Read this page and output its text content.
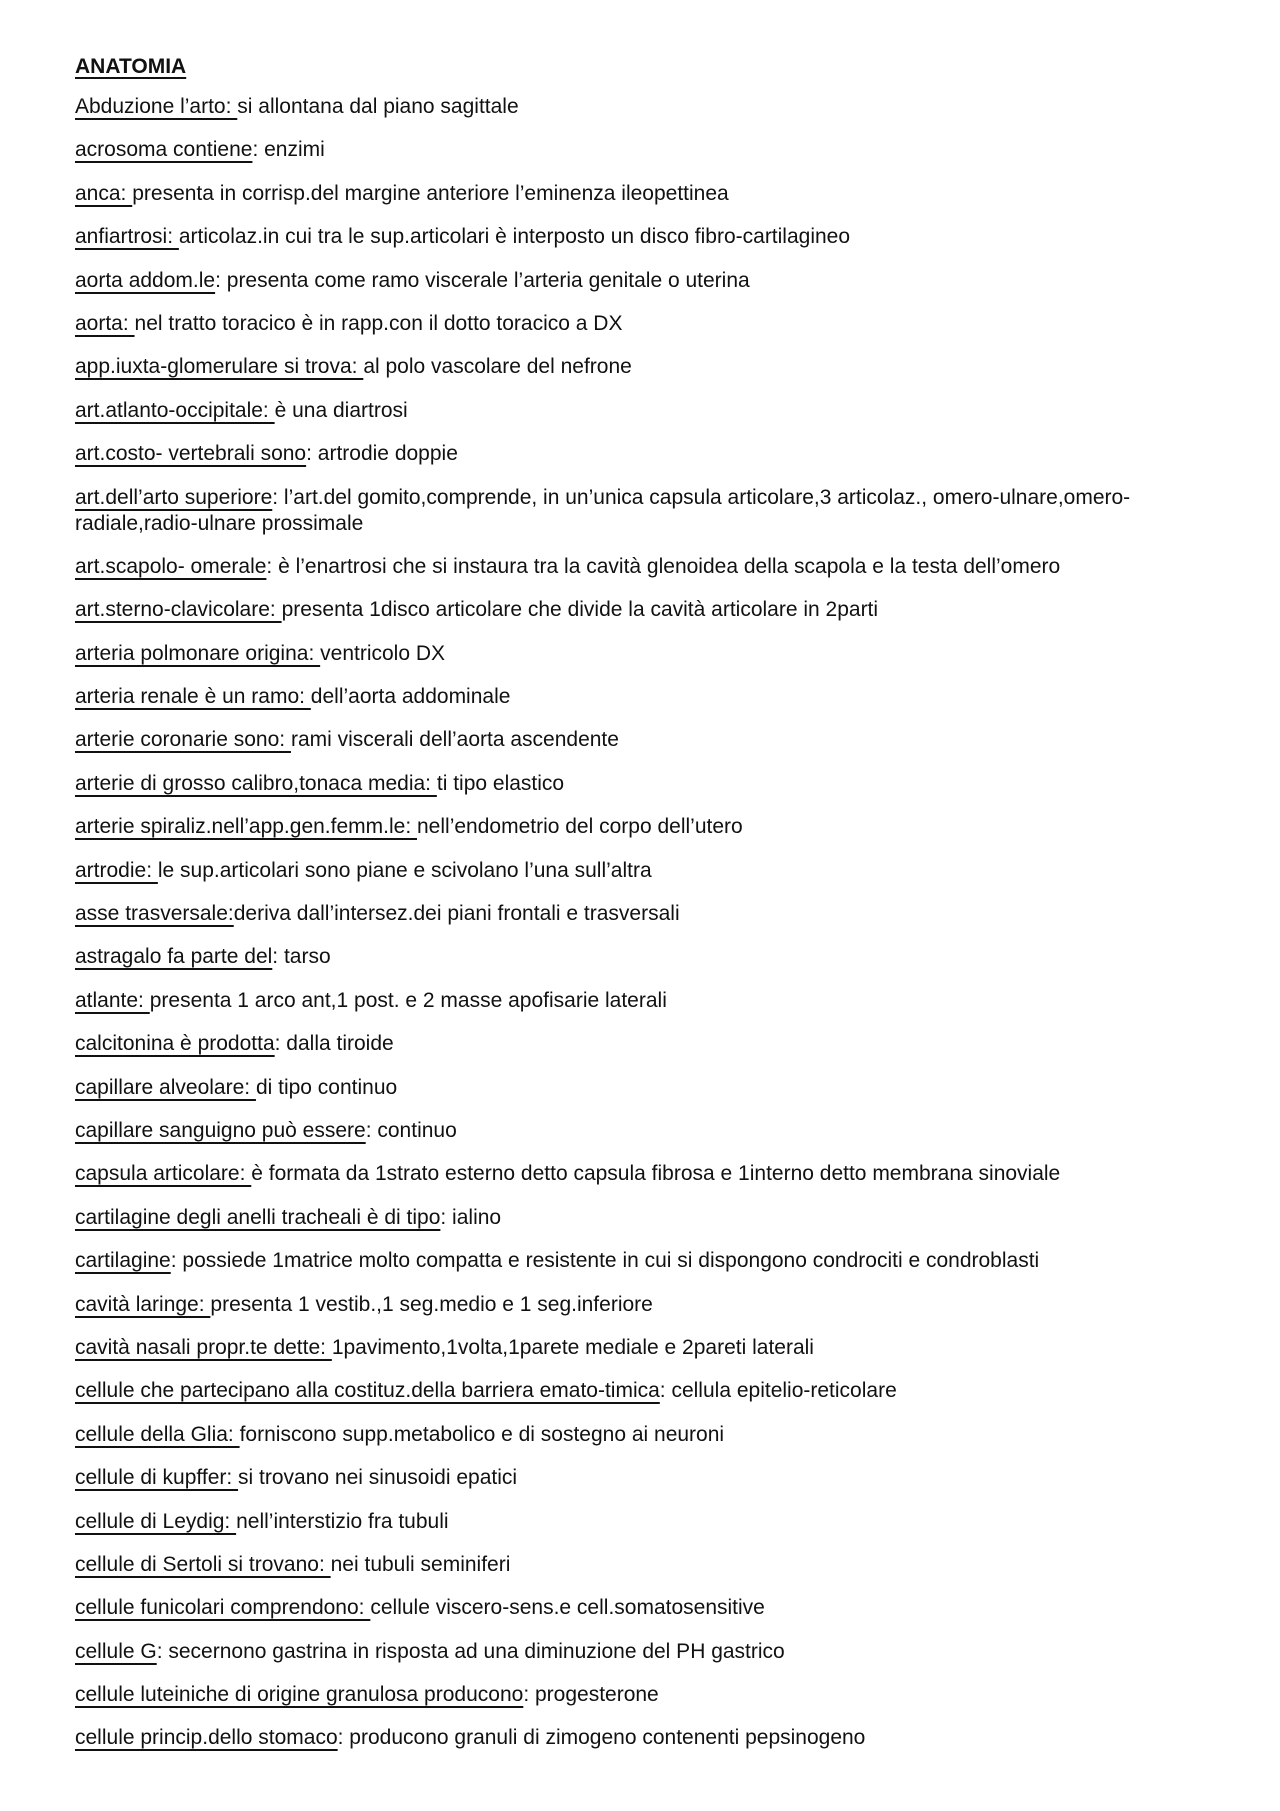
ANATOMIA
Abduzione l’arto: si allontana dal piano sagittale
acrosoma contiene: enzimi
anca: presenta in corrisp.del margine anteriore l’eminenza ileopettinea
anfiartrosi: articolaz.in cui tra le sup.articolari è interposto un disco fibro-cartilagineo
aorta addom.le: presenta come ramo viscerale l’arteria genitale o uterina
aorta: nel tratto toracico è in rapp.con il dotto toracico a DX
app.iuxta-glomerulare si trova: al polo vascolare del nefrone
art.atlanto-occipitale: è una diartrosi
art.costo- vertebrali sono: artrodie doppie
art.dell’arto superiore: l’art.del gomito,comprende, in un’unica capsula articolare,3 articolaz., omero-ulnare,omero-radiale,radio-ulnare prossimale
art.scapolo- omerale: è l’enartrosi che si instaura tra la cavità glenoidea della scapola e la testa dell’omero
art.sterno-clavicolare: presenta 1disco articolare che divide la cavità articolare in 2parti
arteria polmonare origina: ventricolo DX
arteria renale è un ramo: dell’aorta addominale
arterie coronarie sono: rami viscerali dell’aorta ascendente
arterie di grosso calibro,tonaca media: ti tipo elastico
arterie spiraliz.nell’app.gen.femm.le: nell’endometrio del corpo dell’utero
artrodie: le sup.articolari sono piane e scivolano l’una sull’altra
asse trasversale:deriva dall’intersez.dei piani frontali e trasversali
astragalo fa parte del: tarso
atlante: presenta 1 arco ant,1 post. e 2 masse apofisarie laterali
calcitonina è prodotta: dalla tiroide
capillare alveolare: di tipo continuo
capillare sanguigno può essere: continuo
capsula articolare: è formata da 1strato esterno detto capsula fibrosa e 1interno detto membrana sinoviale
cartilagine degli anelli tracheali è di tipo: ialino
cartilagine: possiede 1matrice molto compatta e resistente in cui si dispongono condrociti e condroblasti
cavità laringe: presenta 1 vestib.,1 seg.medio e 1 seg.inferiore
cavità nasali propr.te dette: 1pavimento,1volta,1parete mediale e 2pareti laterali
cellule che partecipano alla costituz.della barriera emato-timica: cellula epitelio-reticolare
cellule della Glia: forniscono supp.metabolico e di sostegno ai neuroni
cellule di kupffer: si trovano nei sinusoidi epatici
cellule di Leydig: nell’interstizio fra tubuli
cellule di Sertoli si trovano: nei tubuli seminiferi
cellule funicolari comprendono: cellule viscero-sens.e cell.somatosensitive
cellule G: secernono gastrina in risposta ad una diminuzione del PH gastrico
cellule luteiniche di origine granulosa producono: progesterone
cellule princip.dello stomaco: producono granuli di zimogeno contenenti pepsinogeno
